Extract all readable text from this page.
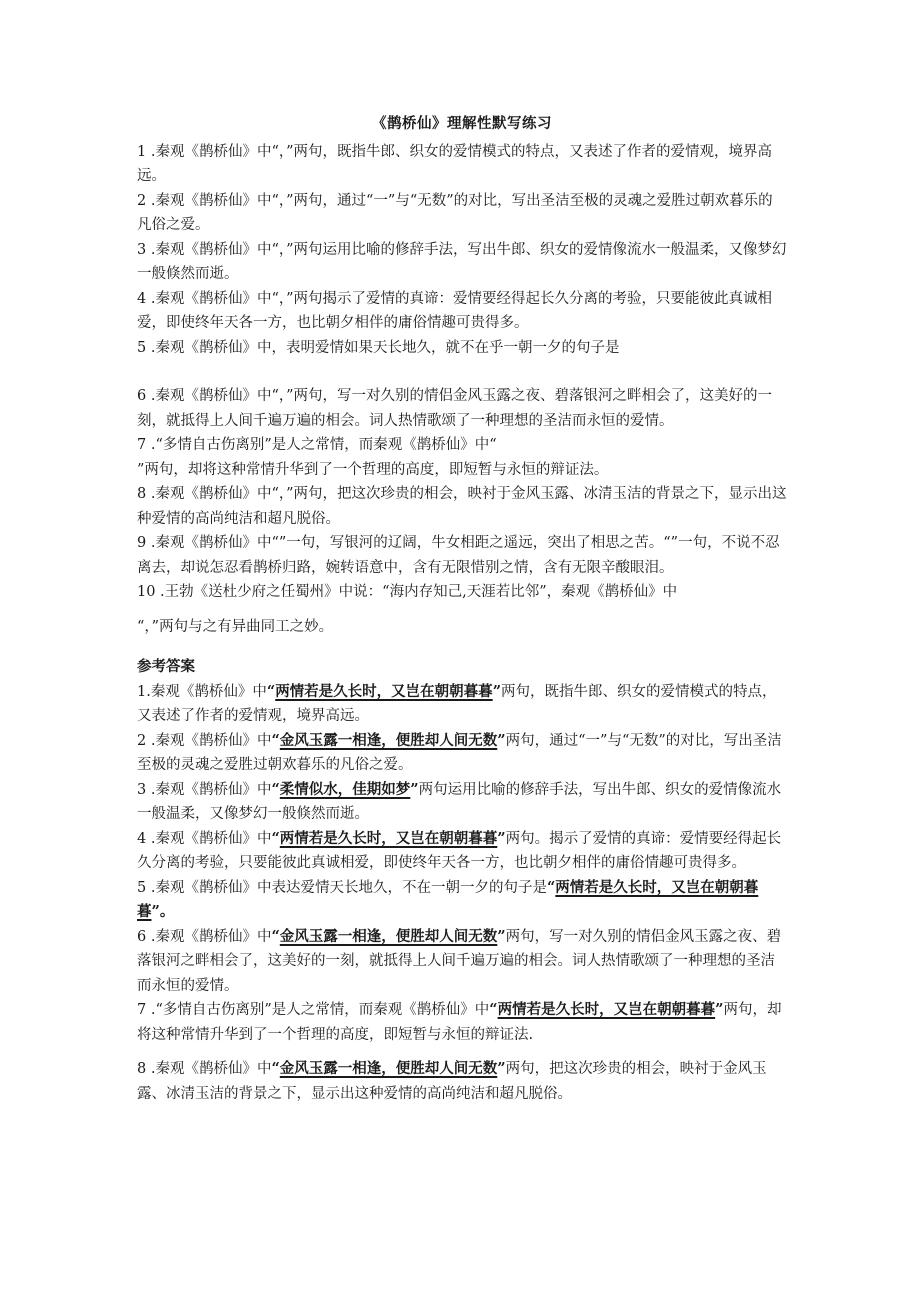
《鹊桥仙》理解性默写练习

1 .秦观《鹊桥仙》中“，”两句，既指牛郎、织女的爱情模式的特点，又表述了作者的爱情观，境界高远。

2 .秦观《鹊桥仙》中“，”两句，通过“一”与“无数”的对比，写出圣洁至极的灵魂之爱胜过朝欢暮乐的凡俗之爱。

3 .秦观《鹊桥仙》中“，”两句运用比喻的修辞手法，写出牛郎、织女的爱情像流水一般温柔，又像梦幻一般倏然而逝。

4 .秦观《鹊桥仙》中“，”两句揭示了爱情的真谛：爱情要经得起长久分离的考验，只要能彼此真诚相爱，即使终年天各一方，也比朝夕相伴的庸俗情趣可贵得多。

5 .秦观《鹊桥仙》中，表明爱情如果天长地久，就不在乎一朝一夕的句子是

6 .秦观《鹊桥仙》中“，”两句，写一对久别的情侣金风玉露之夜、碧落银河之畔相会了，这美好的一刻，就抵得上人间千遍万遍的相会。词人热情歌颂了一种理想的圣洁而永恒的爱情。

7 .“多情自古伤离别”是人之常情，而秦观《鹊桥仙》中“

”两句，却将这种常情升华到了一个哲理的高度，即短暂与永恒的辩证法。

8 .秦观《鹊桥仙》中“，”两句，把这次珍贵的相会，映衬于金风玉露、冰清玉洁的背景之下，显示出这种爱情的高尚纯洁和超凡脱俗。

9 .秦观《鹊桥仙》中“”一句，写银河的辽阔，牛女相距之遥远，突出了相思之苦。“”一句，不说不忍离去，却说怎忍看鹊桥归路，婉转语意中，含有无限惜别之情，含有无限辛酸眼泪。

10 .王勃《送杜少府之任蜀州》中说：“海内存知己,天涯若比邻”，秦观《鹊桥仙》中

“，”两句与之有异曲同工之妙。

参考答案

1.秦观《鹊桥仙》中“两情若是久长时，又岂在朝朝暮暮”两句，既指牛郎、织女的爱情模式的特点，又表述了作者的爱情观，境界高远。

2 .秦观《鹊桥仙》中“金风玉露一相逢，便胜却人间无数”两句，通过“一”与“无数”的对比，写出圣洁至极的灵魂之爱胜过朝欢暮乐的凡俗之爱。

3 .秦观《鹊桥仙》中“柔情似水，佳期如梦”两句运用比喻的修辞手法，写出牛郎、织女的爱情像流水一般温柔，又像梦幻一般倏然而逝。

4 .秦观《鹊桥仙》中“两情若是久长时，又岂在朝朝暮暮”两句。揭示了爱情的真谛：爱情要经得起长久分离的考验，只要能彼此真诚相爱，即使终年天各一方，也比朝夕相伴的庸俗情趣可贵得多。

5 .秦观《鹊桥仙》中表达爱情天长地久，不在一朝一夕的句子是“两情若是久长时，又岂在朝朝暮暮”。

6 .秦观《鹊桥仙》中“金风玉露一相逢，便胜却人间无数”两句，写一对久别的情侣金风玉露之夜、碧落银河之畔相会了，这美好的一刻，就抵得上人间千遍万遍的相会。词人热情歌颂了一种理想的圣洁而永恒的爱情。

7 .“多情自古伤离别”是人之常情，而秦观《鹊桥仙》中“两情若是久长时，又岂在朝朝暮暮”两句，却将这种常情升华到了一个哲理的高度，即短暂与永恒的辩证法.

8 .秦观《鹊桥仙》中“金风玉露一相逢，便胜却人间无数”两句，把这次珍贵的相会，映衬于金风玉露、冰清玉洁的背景之下，显示出这种爱情的高尚纯洁和超凡脱俗。
